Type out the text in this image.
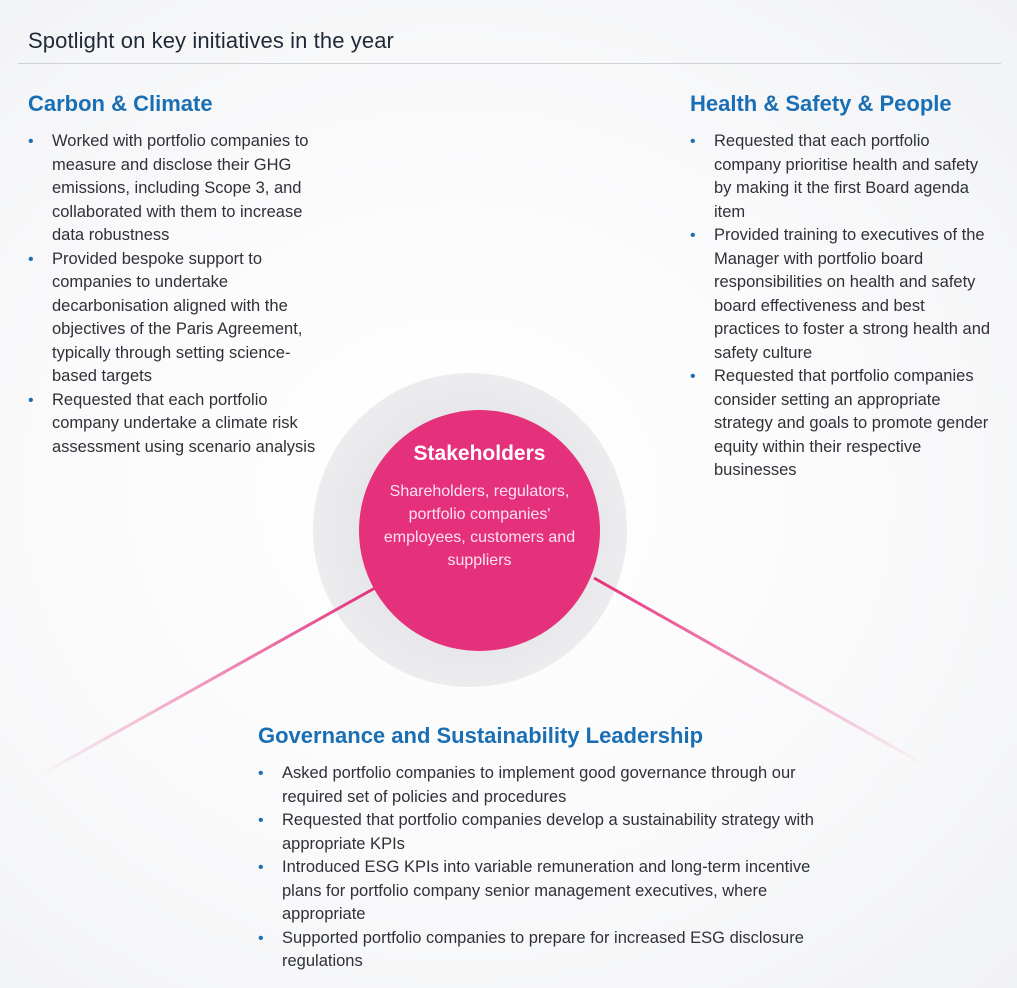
Spotlight on key initiatives in the year
Carbon & Climate
• Worked with portfolio companies to measure and disclose their GHG emissions, including Scope 3, and collaborated with them to increase data robustness
• Provided bespoke support to companies to undertake decarbonisation aligned with the objectives of the Paris Agreement, typically through setting science-based targets
• Requested that each portfolio company undertake a climate risk assessment using scenario analysis
Health & Safety & People
• Requested that each portfolio company prioritise health and safety by making it the first Board agenda item
• Provided training to executives of the Manager with portfolio board responsibilities on health and safety board effectiveness and best practices to foster a strong health and safety culture
• Requested that portfolio companies consider setting an appropriate strategy and goals to promote gender equity within their respective businesses
Stakeholders
Shareholders, regulators, portfolio companies' employees, customers and suppliers
Governance and Sustainability Leadership
• Asked portfolio companies to implement good governance through our required set of policies and procedures
• Requested that portfolio companies develop a sustainability strategy with appropriate KPIs
• Introduced ESG KPIs into variable remuneration and long-term incentive plans for portfolio company senior management executives, where appropriate
• Supported portfolio companies to prepare for increased ESG disclosure regulations
